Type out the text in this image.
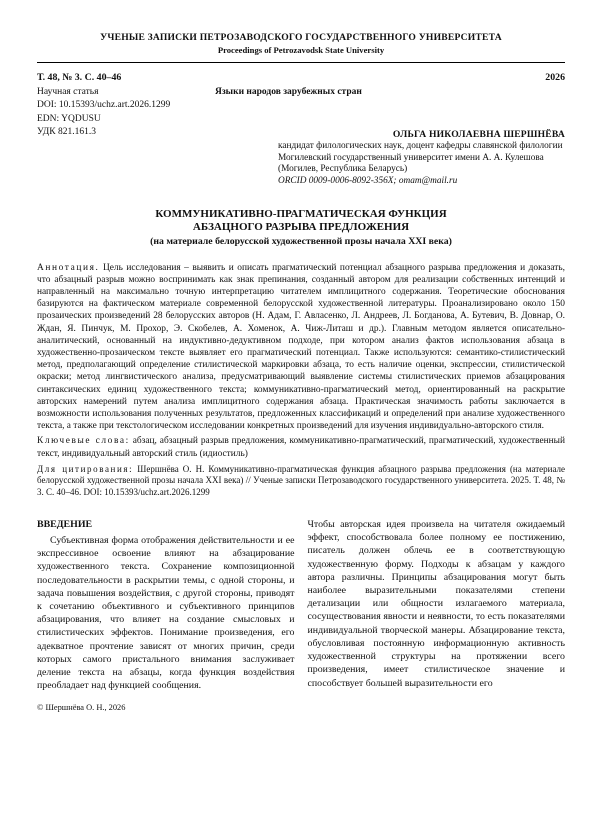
УЧЕНЫЕ ЗАПИСКИ ПЕТРОЗАВОДСКОГО ГОСУДАРСТВЕННОГО УНИВЕРСИТЕТА
Proceedings of Petrozavodsk State University
Т. 48, № 3. С. 40–46	2026
Научная статья	Языки народов зарубежных стран
DOI: 10.15393/uchz.art.2026.1299
EDN: YQDUSU
УДК 821.161.3	ОЛЬГА НИКОЛАЕВНА ШЕРШНЁВА
кандидат филологических наук, доцент кафедры славянской филологии
Могилевский государственный университет имени А. А. Кулешова
(Могилев, Республика Беларусь)
ORCID 0009-0006-8092-356X; omam@mail.ru
КОММУНИКАТИВНО-ПРАГМАТИЧЕСКАЯ ФУНКЦИЯ
АБЗАЦНОГО РАЗРЫВА ПРЕДЛОЖЕНИЯ
(на материале белорусской художественной прозы начала XXI века)

Аннотация. Цель исследования – выявить и описать прагматический потенциал абзацного разрыва предложения и доказать, что абзацный разрыв можно воспринимать как знак препинания, созданный автором для реализации собственных интенций и направленный на максимально точную интерпретацию читателем имплицитного содержания. Теоретические обоснования базируются на фактическом материале современной белорусской художественной литературы. Проанализировано около 150 прозаических произведений 28 белорусских авторов (Н. Адам, Г. Авласенко, Л. Андреев, Л. Богданова, А. Бутевич, В. Довнар, О. Ждан, Я. Пинчук, М. Прохор, Э. Скобелев, А. Хоменок, А. Чиж-Литаш и др.). Главным методом является описательно-аналитический, основанный на индуктивно-дедуктивном подходе, при котором анализ фактов использования абзаца в художественно-прозаическом тексте выявляет его прагматический потенциал. Также используются: семантико-стилистический метод, предполагающий определение стилистической маркировки абзаца, то есть наличие оценки, экспрессии, стилистической окраски; метод лингвистического анализа, предусматривающий выявление системы стилистических приемов абзацирования синтаксических единиц художественного текста; коммуникативно-прагматический метод, ориентированный на раскрытие авторских намерений путем анализа имплицитного содержания абзаца. Практическая значимость работы заключается в возможности использования полученных результатов, предложенных классификаций и определений при анализе художественного текста, а также при текстологическом исследовании конкретных произведений для изучения индивидуально-авторского стиля.

Ключевые слова: абзац, абзацный разрыв предложения, коммуникативно-прагматический, прагматический, художественный текст, индивидуальный авторский стиль (идиостиль)

Для цитирования: Шершнёва О. Н. Коммуникативно-прагматическая функция абзацного разрыва предложения (на материале белорусской художественной прозы начала XXI века) // Ученые записки Петрозаводского государственного университета. 2025. Т. 48, № 3. С. 40–46. DOI: 10.15393/uchz.art.2026.1299

ВВЕДЕНИЕ

Субъективная форма отображения действительности и ее экспрессивное освоение влияют на абзацирование художественного текста. Сохранение композиционной последовательности в раскрытии темы, с одной стороны, и задача повышения воздействия, с другой стороны, приводят к сочетанию объективного и субъективного принципов абзацирования, что влияет на создание смысловых и стилистических эффектов. Понимание произведения, его адекватное прочтение зависят от многих причин, среди которых самого пристального внимания заслуживает деление текста на абзацы, когда функция воздействия преобладает над функцией сообщения.

© Шершнёва О. Н., 2026

Чтобы авторская идея произвела на читателя ожидаемый эффект, способствовала более полному ее постижению, писатель должен облечь ее в соответствующую художественную форму. Подходы к абзацам у каждого автора различны. Принципы абзацирования могут быть наиболее выразительными показателями степени детализации или общности излагаемого материала, сосуществования явности и неявности, то есть показателями индивидуальной творческой манеры. Абзацирование текста, обусловливая постоянную информационную активность художественной структуры на протяжении всего произведения, имеет стилистическое значение и способствует большей выразительности его
